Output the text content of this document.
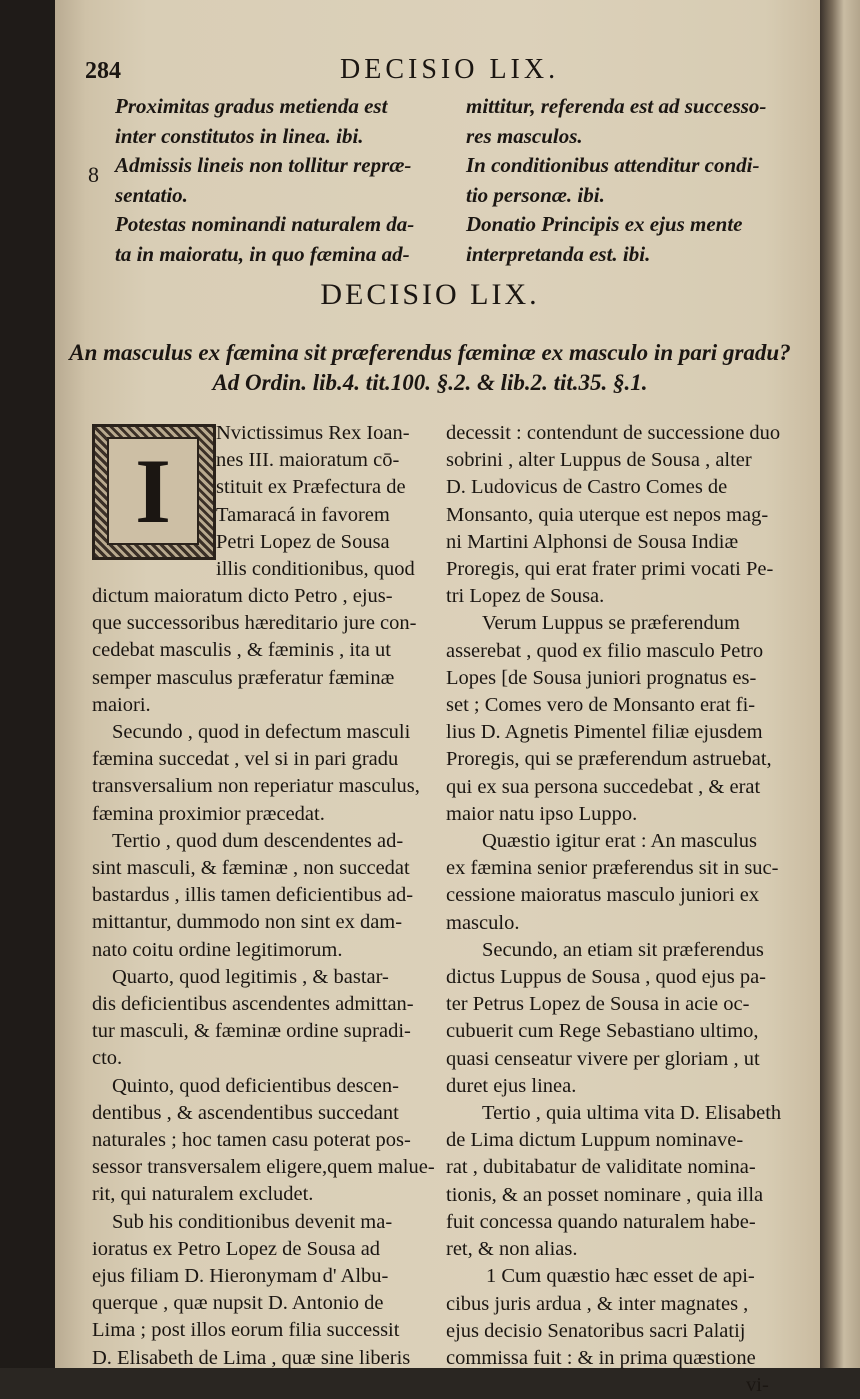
284	DECISIO LIX.
Proximitas gradus metienda est
inter constitutos in linea. ibi.
Admissis lineis non tollitur repræ-
sentatio.
Potestas nominandi naturalem da-
ta in maioratu, in quo fæmina ad-
8
mittitur, referenda est ad successo-
res masculos.
In conditionibus attenditur condi-
tio personæ. ibi.
Donatio Principis ex ejus mente
interpretanda est. ibi.
DECISIO LIX.
An masculus ex fæmina sit præferendus fæminæ ex masculo in pari gradu?
Ad Ordin. lib.4. tit.100. §.2. & lib.2. tit.35. §.1.
I
Nvictissimus Rex Ioan-
nes III. maioratum cō-
stituit ex Præfectura de
Tamaracá in favorem
Petri Lopez de Sousa
illis conditionibus, quod
dictum maioratum dicto Petro , ejus-
que successoribus hæreditario jure con-
cedebat masculis , & fæminis , ita ut
semper masculus præferatur fæminæ
maiori.
Secundo , quod in defectum masculi
fæmina succedat , vel si in pari gradu
transversalium non reperiatur masculus,
fæmina proximior præcedat.
Tertio , quod dum descendentes ad-
sint masculi, & fæminæ , non succedat
bastardus , illis tamen deficientibus ad-
mittantur, dummodo non sint ex dam-
nato coitu ordine legitimorum.
Quarto, quod legitimis , & bastar-
dis deficientibus ascendentes admittan-
tur masculi, & fæminæ ordine supradi-
cto.
Quinto, quod deficientibus descen-
dentibus , & ascendentibus succedant
naturales ; hoc tamen casu poterat pos-
sessor transversalem eligere,quem malue-
rit, qui naturalem excludet.
Sub his conditionibus devenit ma-
ioratus ex Petro Lopez de Sousa ad
ejus filiam D. Hieronymam d' Albu-
querque , quæ nupsit D. Antonio de
Lima ; post illos eorum filia successit
D. Elisabeth de Lima , quæ sine liberis
decessit : contendunt de successione duo
sobrini , alter Luppus de Sousa , alter
D. Ludovicus de Castro Comes de
Monsanto, quia uterque est nepos mag-
ni Martini Alphonsi de Sousa Indiæ
Proregis, qui erat frater primi vocati Pe-
tri Lopez de Sousa.
Verum Luppus se præferendum
asserebat , quod ex filio masculo Petro
Lopes [de Sousa juniori prognatus es-
set ; Comes vero de Monsanto erat fi-
lius D. Agnetis Pimentel filiæ ejusdem
Proregis, qui se præferendum astruebat,
qui ex sua persona succedebat , & erat
maior natu ipso Luppo.
Quæstio igitur erat : An masculus
ex fæmina senior præferendus sit in suc-
cessione maioratus masculo juniori ex
masculo.
Secundo, an etiam sit præferendus
dictus Luppus de Sousa , quod ejus pa-
ter Petrus Lopez de Sousa in acie oc-
cubuerit cum Rege Sebastiano ultimo,
quasi censeatur vivere per gloriam , ut
duret ejus linea.
Tertio , quia ultima vita D. Elisabeth
de Lima dictum Luppum nominave-
rat , dubitabatur de validitate nomina-
tionis, & an posset nominare , quia illa
fuit concessa quando naturalem habe-
ret, & non alias.
1 Cum quæstio hæc esset de api-
cibus juris ardua , & inter magnates ,
ejus decisio Senatoribus sacri Palatij
commissa fuit : & in prima quæstione
vi-
